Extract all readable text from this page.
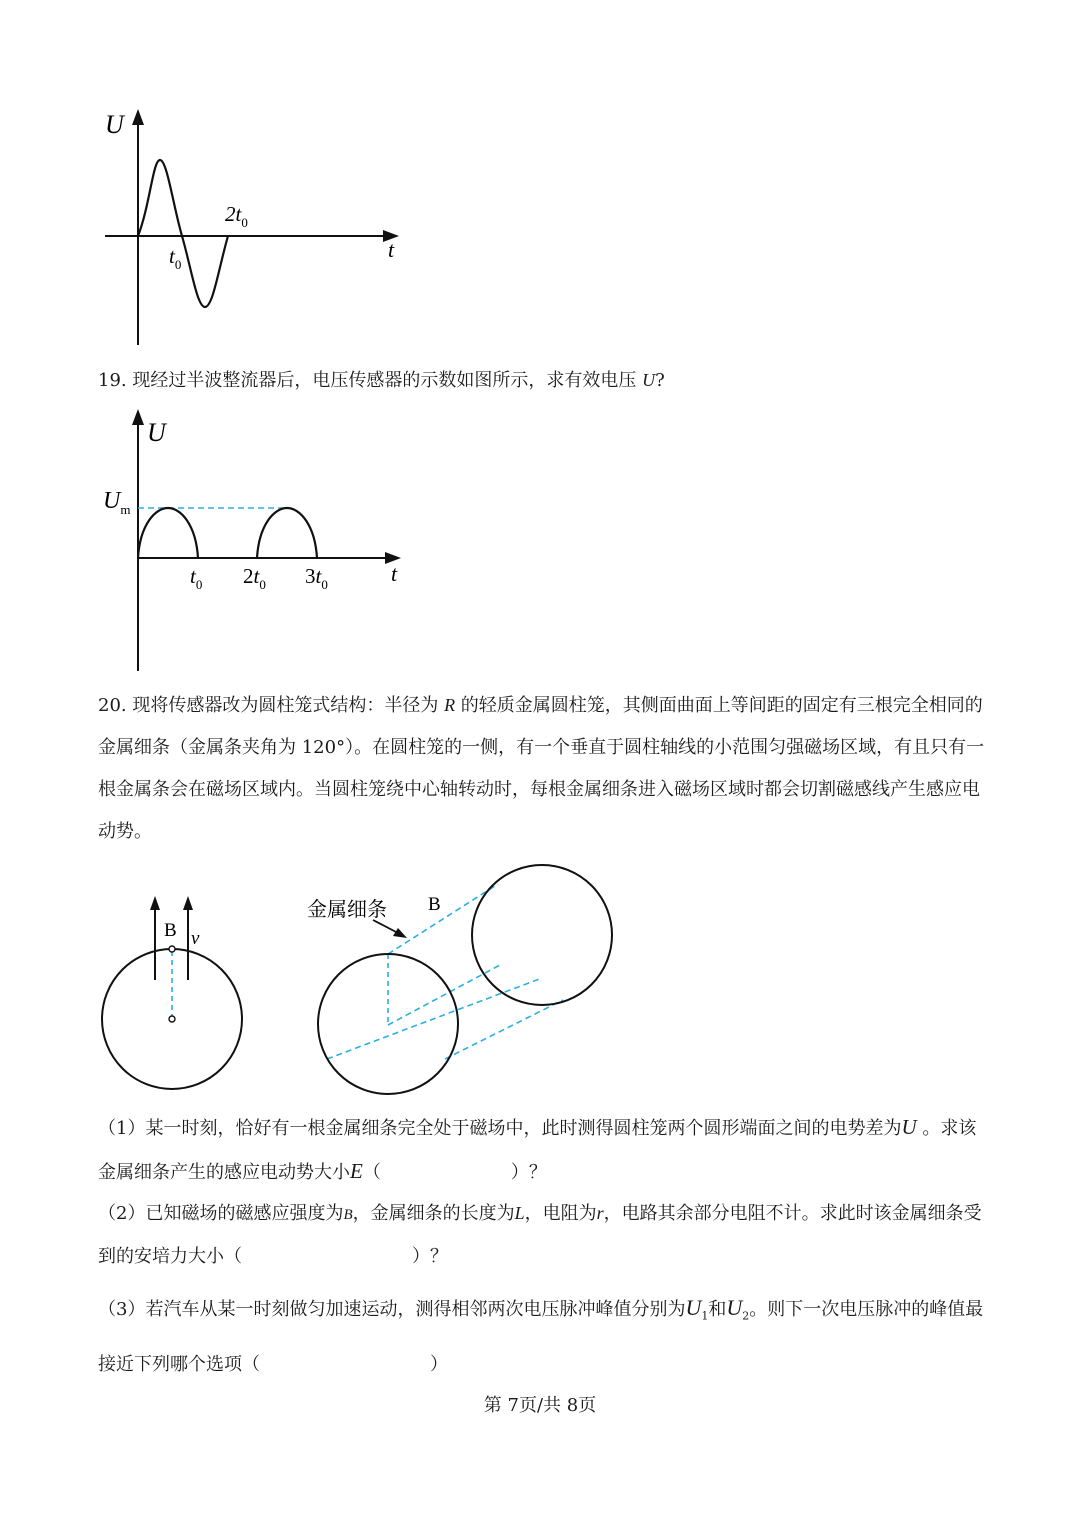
U
t
$t_0$
$2t_0$
19. 现经过半波整流器后，电压传感器的示数如图所示，求有效电压 U?
U
$U_m$
t
$t_0$ $2t_0$ $3t_0$
20. 现将传感器改为圆柱笼式结构：半径为 R 的轻质金属圆柱笼，其侧面曲面上等间距的固定有三根完全相同的金属细条（金属条夹角为 120°）。在圆柱笼的一侧，有一个垂直于圆柱轴线的小范围匀强磁场区域，有且只有一根金属条会在磁场区域内。当圆柱笼绕中心轴转动时，每根金属细条进入磁场区域时都会切割磁感线产生感应电动势。
B v
金属细条 B
（1）某一时刻，恰好有一根金属细条完全处于磁场中，此时测得圆柱笼两个圆形端面之间的电势差为U 。求该金属细条产生的感应电动势大小E（	）？
（2）已知磁场的磁感应强度为B，金属细条的长度为L，电阻为r，电路其余部分电阻不计。求此时该金属细条受到的安培力大小（	）？
（3）若汽车从某一时刻做匀加速运动，测得相邻两次电压脉冲峰值分别为$U_1$和$U_2$。则下一次电压脉冲的峰值最接近下列哪个选项（	）
第 7页/共 8页
